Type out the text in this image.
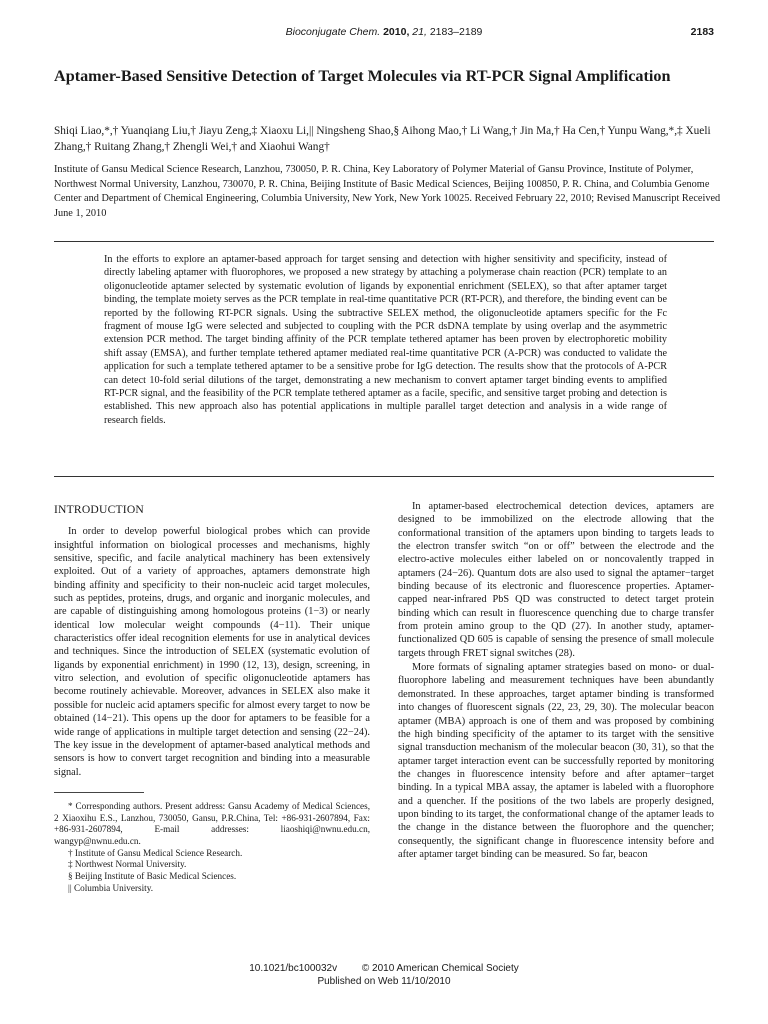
Bioconjugate Chem. 2010, 21, 2183–2189	2183
Aptamer-Based Sensitive Detection of Target Molecules via RT-PCR Signal Amplification

Shiqi Liao,*,† Yuanqiang Liu,† Jiayu Zeng,‡ Xiaoxu Li,|| Ningsheng Shao,§ Aihong Mao,† Li Wang,† Jin Ma,† Ha Cen,† Yunpu Wang,*,‡ Xueli Zhang,† Ruitang Zhang,† Zhengli Wei,† and Xiaohui Wang†

Institute of Gansu Medical Science Research, Lanzhou, 730050, P. R. China, Key Laboratory of Polymer Material of Gansu Province, Institute of Polymer, Northwest Normal University, Lanzhou, 730070, P. R. China, Beijing Institute of Basic Medical Sciences, Beijing 100850, P. R. China, and Columbia Genome Center and Department of Chemical Engineering, Columbia University, New York, New York 10025. Received February 22, 2010; Revised Manuscript Received June 1, 2010

In the efforts to explore an aptamer-based approach for target sensing and detection with higher sensitivity and specificity, instead of directly labeling aptamer with fluorophores, we proposed a new strategy by attaching a polymerase chain reaction (PCR) template to an oligonucleotide aptamer selected by systematic evolution of ligands by exponential enrichment (SELEX), so that after aptamer target binding, the template moiety serves as the PCR template in real-time quantitative PCR (RT-PCR), and therefore, the binding event can be reported by the following RT-PCR signals. Using the subtractive SELEX method, the oligonucleotide aptamers specific for the Fc fragment of mouse IgG were selected and subjected to coupling with the PCR dsDNA template by using overlap and the asymmetric extension PCR method. The target binding affinity of the PCR template tethered aptamer has been proven by electrophoretic mobility shift assay (EMSA), and further template tethered aptamer mediated real-time quantitative PCR (A-PCR) was conducted to validate the application for such a template tethered aptamer to be a sensitive probe for IgG detection. The results show that the protocols of A-PCR can detect 10-fold serial dilutions of the target, demonstrating a new mechanism to convert aptamer target binding events to amplified RT-PCR signal, and the feasibility of the PCR template tethered aptamer as a facile, specific, and sensitive target probing and detection is established. This new approach also has potential applications in multiple parallel target detection and analysis in a wide range of research fields.

INTRODUCTION

In order to develop powerful biological probes which can provide insightful information on biological processes and mechanisms, highly sensitive, specific, and facile analytical machinery has been extensively exploited. Out of a variety of approaches, aptamers demonstrate high binding affinity and specificity to their non-nucleic acid target molecules, such as peptides, proteins, drugs, and organic and inorganic molecules, and are capable of distinguishing among homologous proteins (1−3) or nearly identical low molecular weight compounds (4−11). Their unique characteristics offer ideal recognition elements for use in analytical devices and techniques. Since the introduction of SELEX (systematic evolution of ligands by exponential enrichment) in 1990 (12, 13), design, screening, in vitro selection, and evolution of specific oligonucleotide aptamers has become routinely achievable. Moreover, advances in SELEX also make it possible for nucleic acid aptamers specific for almost every target to now be obtained (14−21). This opens up the door for aptamers to be feasible for a wide range of applications in multiple target detection and sensing (22−24). The key issue in the development of aptamer-based analytical methods and sensors is how to convert target recognition and binding into a measurable signal.

* Corresponding authors. Present address: Gansu Academy of Medical Sciences, 2 Xiaoxihu E.S., Lanzhou, 730050, Gansu, P.R.China, Tel: +86-931-2607894, Fax: +86-931-2607894, E-mail addresses: liaoshiqi@nwnu.edu.cn, wangyp@nwnu.edu.cn.
† Institute of Gansu Medical Science Research.
‡ Northwest Normal University.
§ Beijing Institute of Basic Medical Sciences.
|| Columbia University.

In aptamer-based electrochemical detection devices, aptamers are designed to be immobilized on the electrode allowing that the conformational transition of the aptamers upon binding to targets leads to the electron transfer switch “on or off” between the electrode and the electro-active molecules either labeled on or noncovalently trapped in aptamers (24−26). Quantum dots are also used to signal the aptamer−target binding because of its electronic and fluorescence properties. Aptamer-capped near-infrared PbS QD was constructed to detect target protein binding which can result in fluorescence quenching due to charge transfer from protein amino group to the QD (27). In another study, aptamer-functionalized QD 605 is capable of sensing the presence of small molecule targets through FRET signal switches (28).

More formats of signaling aptamer strategies based on mono- or dual- fluorophore labeling and measurement techniques have been abundantly demonstrated. In these approaches, target aptamer binding is transformed into changes of fluorescent signals (22, 23, 29, 30). The molecular beacon aptamer (MBA) approach is one of them and was proposed by combining the high binding specificity of the aptamer to its target with the sensitive signal transduction mechanism of the molecular beacon (30, 31), so that the aptamer target interaction event can be successfully reported by monitoring the changes in fluorescence intensity before and after aptamer−target binding. In a typical MBA assay, the aptamer is labeled with a fluorophore and a quencher. If the positions of the two labels are properly designed, upon binding to its target, the conformational change of the aptamer leads to the change in the distance between the fluorophore and the quencher; consequently, the significant change in fluorescence intensity before and after aptamer target binding can be measured. So far, beacon

10.1021/bc100032v © 2010 American Chemical Society
Published on Web 11/10/2010
